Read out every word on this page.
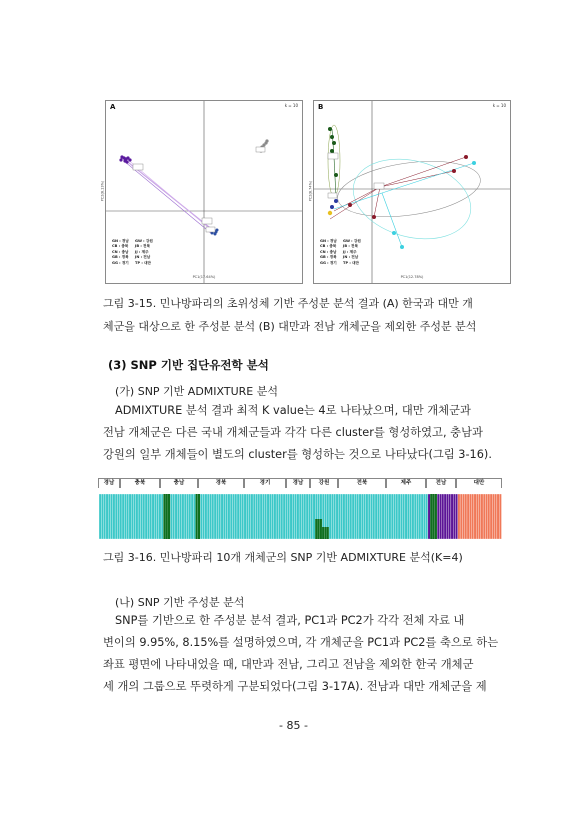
A	k = 10
PC2(8.13%)
PC1(17.64%)
GN : 경남 GW : 강원
CB : 충북 JB : 전북
CN : 충남 JJ : 제주
GB : 경북 JN : 전남
GG : 경기 TP : 대만
B	k = 10
PC2(8.74%)
PC1(12.78%)
GN : 경남 GW : 강원
CB : 충북 JB : 전북
CN : 충남 JJ : 제주
GB : 경북 JN : 전남
GG : 경기 TP : 대만
그림 3-15. 민나방파리의 초위성체 기반 주성분 분석 결과 (A) 한국과 대만 개
체군을 대상으로 한 주성분 분석 (B) 대만과 전남 개체군을 제외한 주성분 분석
(3) SNP 기반 집단유전학 분석
(가) SNP 기반 ADMIXTURE 분석
ADMIXTURE 분석 결과 최적 K value는 4로 나타났으며, 대만 개체군과
전남 개체군은 다른 국내 개체군들과 각각 다른 cluster를 형성하였고, 충남과
강원의 일부 개체들이 별도의 cluster를 형성하는 것으로 나타났다(그림 3-16).
경남	충북	충남	경북	경기	경남	강원	전북	제주	전남	대만
그림 3-16. 민나방파리 10개 개체군의 SNP 기반 ADMIXTURE 분석(K=4)
(나) SNP 기반 주성분 분석
SNP를 기반으로 한 주성분 분석 결과, PC1과 PC2가 각각 전체 자료 내
변이의 9.95%, 8.15%를 설명하였으며, 각 개체군을 PC1과 PC2를 축으로 하는
좌표 평면에 나타내었을 때, 대만과 전남, 그리고 전남을 제외한 한국 개체군
세 개의 그룹으로 뚜렷하게 구분되었다(그림 3-17A). 전남과 대만 개체군을 제
- 85 -
